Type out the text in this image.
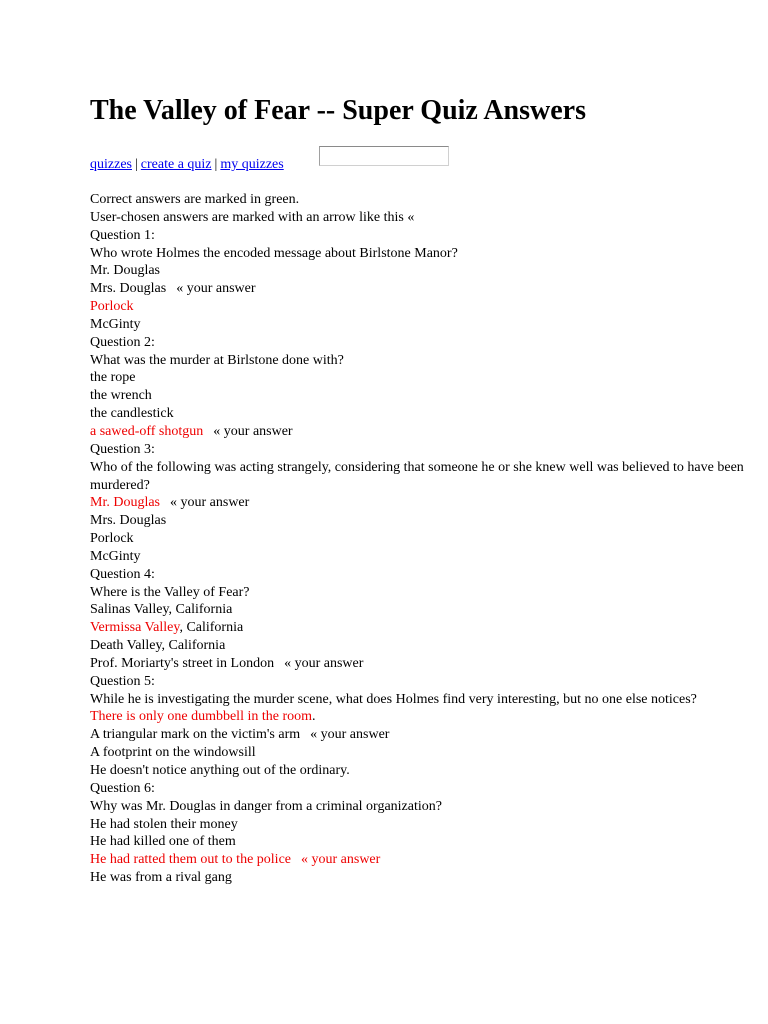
The Valley of Fear -- Super Quiz Answers
quizzes | create a quiz | my quizzes
Correct answers are marked in green.
User-chosen answers are marked with an arrow like this «
Question 1:
Who wrote Holmes the encoded message about Birlstone Manor?
Mr. Douglas
Mrs. Douglas « your answer
Porlock
McGinty
Question 2:
What was the murder at Birlstone done with?
the rope
the wrench
the candlestick
a sawed-off shotgun « your answer
Question 3:
Who of the following was acting strangely, considering that someone he or she knew well was believed to have been murdered?
Mr. Douglas « your answer
Mrs. Douglas
Porlock
McGinty
Question 4:
Where is the Valley of Fear?
Salinas Valley, California
Vermissa Valley, California
Death Valley, California
Prof. Moriarty's street in London « your answer
Question 5:
While he is investigating the murder scene, what does Holmes find very interesting, but no one else notices?
There is only one dumbbell in the room.
A triangular mark on the victim's arm « your answer
A footprint on the windowsill
He doesn't notice anything out of the ordinary.
Question 6:
Why was Mr. Douglas in danger from a criminal organization?
He had stolen their money
He had killed one of them
He had ratted them out to the police « your answer
He was from a rival gang
